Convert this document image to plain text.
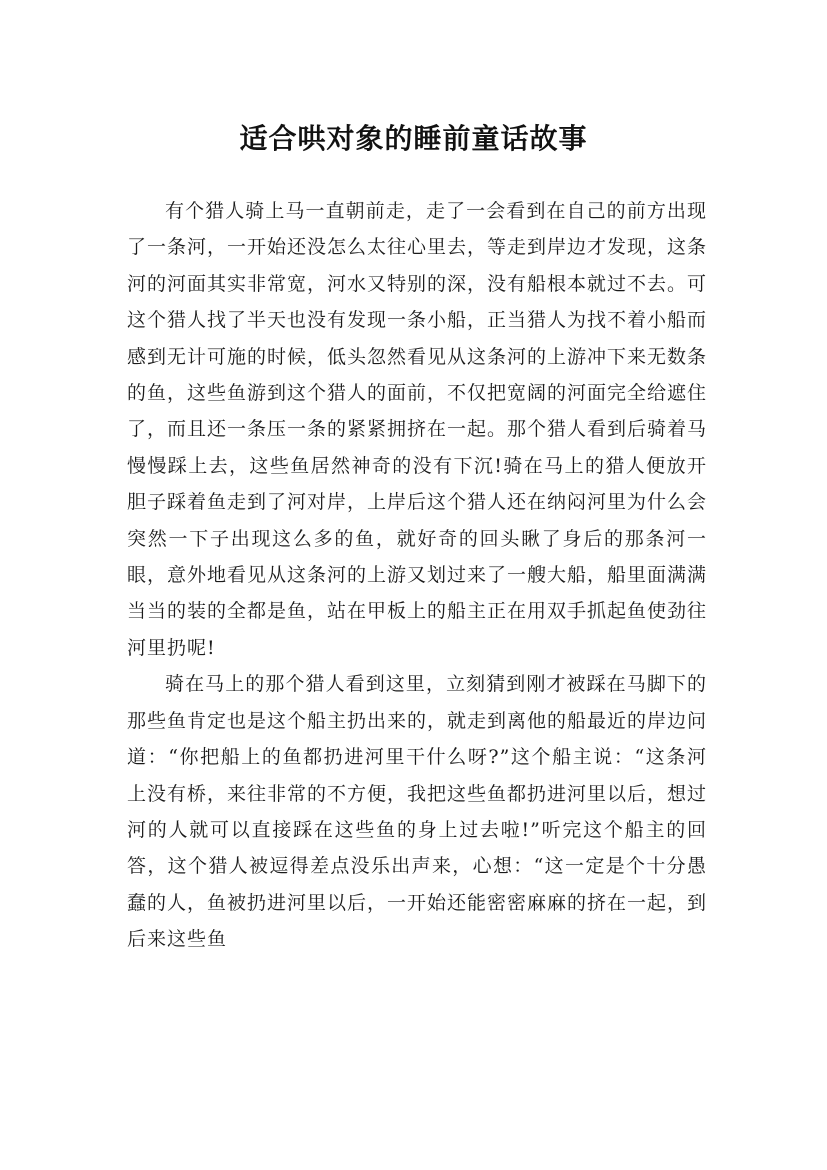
适合哄对象的睡前童话故事

有个猎人骑上马一直朝前走，走了一会看到在自己的前方出现了一条河，一开始还没怎么太往心里去，等走到岸边才发现，这条河的河面其实非常宽，河水又特别的深，没有船根本就过不去。可这个猎人找了半天也没有发现一条小船，正当猎人为找不着小船而感到无计可施的时候，低头忽然看见从这条河的上游冲下来无数条的鱼，这些鱼游到这个猎人的面前，不仅把宽阔的河面完全给遮住了，而且还一条压一条的紧紧拥挤在一起。那个猎人看到后骑着马慢慢踩上去，这些鱼居然神奇的没有下沉!骑在马上的猎人便放开胆子踩着鱼走到了河对岸，上岸后这个猎人还在纳闷河里为什么会突然一下子出现这么多的鱼，就好奇的回头瞅了身后的那条河一眼，意外地看见从这条河的上游又划过来了一艘大船，船里面满满当当的装的全都是鱼，站在甲板上的船主正在用双手抓起鱼使劲往河里扔呢!

骑在马上的那个猎人看到这里，立刻猜到刚才被踩在马脚下的那些鱼肯定也是这个船主扔出来的，就走到离他的船最近的岸边问道：“你把船上的鱼都扔进河里干什么呀?”这个船主说：“这条河上没有桥，来往非常的不方便，我把这些鱼都扔进河里以后，想过河的人就可以直接踩在这些鱼的身上过去啦!”听完这个船主的回答，这个猎人被逗得差点没乐出声来，心想：“这一定是个十分愚蠢的人，鱼被扔进河里以后，一开始还能密密麻麻的挤在一起，到后来这些鱼
